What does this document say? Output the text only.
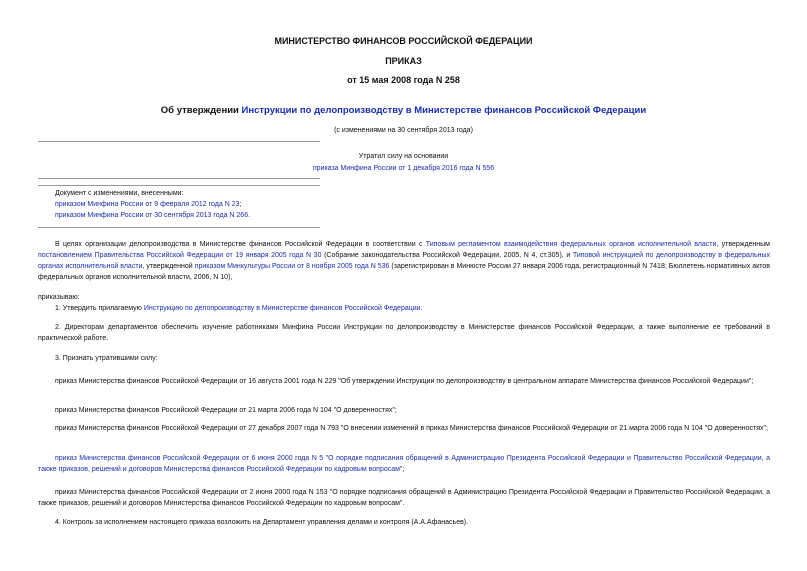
МИНИСТЕРСТВО ФИНАНСОВ РОССИЙСКОЙ ФЕДЕРАЦИИ
ПРИКАЗ
от 15 мая 2008 года N 258
Об утверждении Инструкции по делопроизводству в Министерстве финансов Российской Федерации
(с изменениями на 30 сентября 2013 года)
Утратил силу на основании
приказа Минфина России от 1 декабря 2016 года N 556
Документ с изменениями, внесенными:
приказом Минфина России от 9 февраля 2012 года N 23;
приказом Минфина России от 30 сентября 2013 года N 266.
В целях организации делопроизводства в Министерстве финансов Российской Федерации в соответствии с Типовым регламентом взаимодействия федеральных органов исполнительной власти, утвержденным постановлением Правительства Российской Федерации от 19 января 2005 года N 30 (Собрание законодательства Российской Федерации, 2005, N 4, ст.305), и Типовой инструкцией по делопроизводству в федеральных органах исполнительной власти, утвержденной приказом Минкультуры России от 8 ноября 2005 года N 536 (зарегистрирован в Минюсте России 27 января 2006 года, регистрационный N 7418; Бюллетень нормативных актов федеральных органов исполнительной власти, 2006, N 10),
приказываю:
1. Утвердить прилагаемую Инструкцию по делопроизводству в Министерстве финансов Российской Федерации.
2. Директорам департаментов обеспечить изучение работниками Минфина России Инструкции по делопроизводству в Министерстве финансов Российской Федерации, а также выполнение ее требований в практической работе.
3. Признать утратившими силу:
приказ Министерства финансов Российской Федерации от 16 августа 2001 года N 229 "Об утверждении Инструкции по делопроизводству в центральном аппарате Министерства финансов Российской Федерации";
приказ Министерства финансов Российской Федерации от 21 марта 2006 года N 104 "О доверенностях";
приказ Министерства финансов Российской Федерации от 27 декабря 2007 года N 793 "О внесении изменений в приказ Министерства финансов Российской Федерации от 21 марта 2006 года N 104 "О доверенностях";
приказ Министерства финансов Российской Федерации от 6 июня 2000 года N 5 "О порядке подписания обращений в Администрацию Президента Российской Федерации и Правительство Российской Федерации, а также приказов, решений и договоров Министерства финансов Российской Федерации по кадровым вопросам";
приказ Министерства финансов Российской Федерации от 2 июня 2000 года N 153 "О порядке подписания обращений в Администрацию Президента Российской Федерации и Правительство Российской Федерации, а также приказов, решений и договоров Министерства финансов Российской Федерации по кадровым вопросам".
4. Контроль за исполнением настоящего приказа возложить на Департамент управления делами и контроля (А.А.Афанасьев).
